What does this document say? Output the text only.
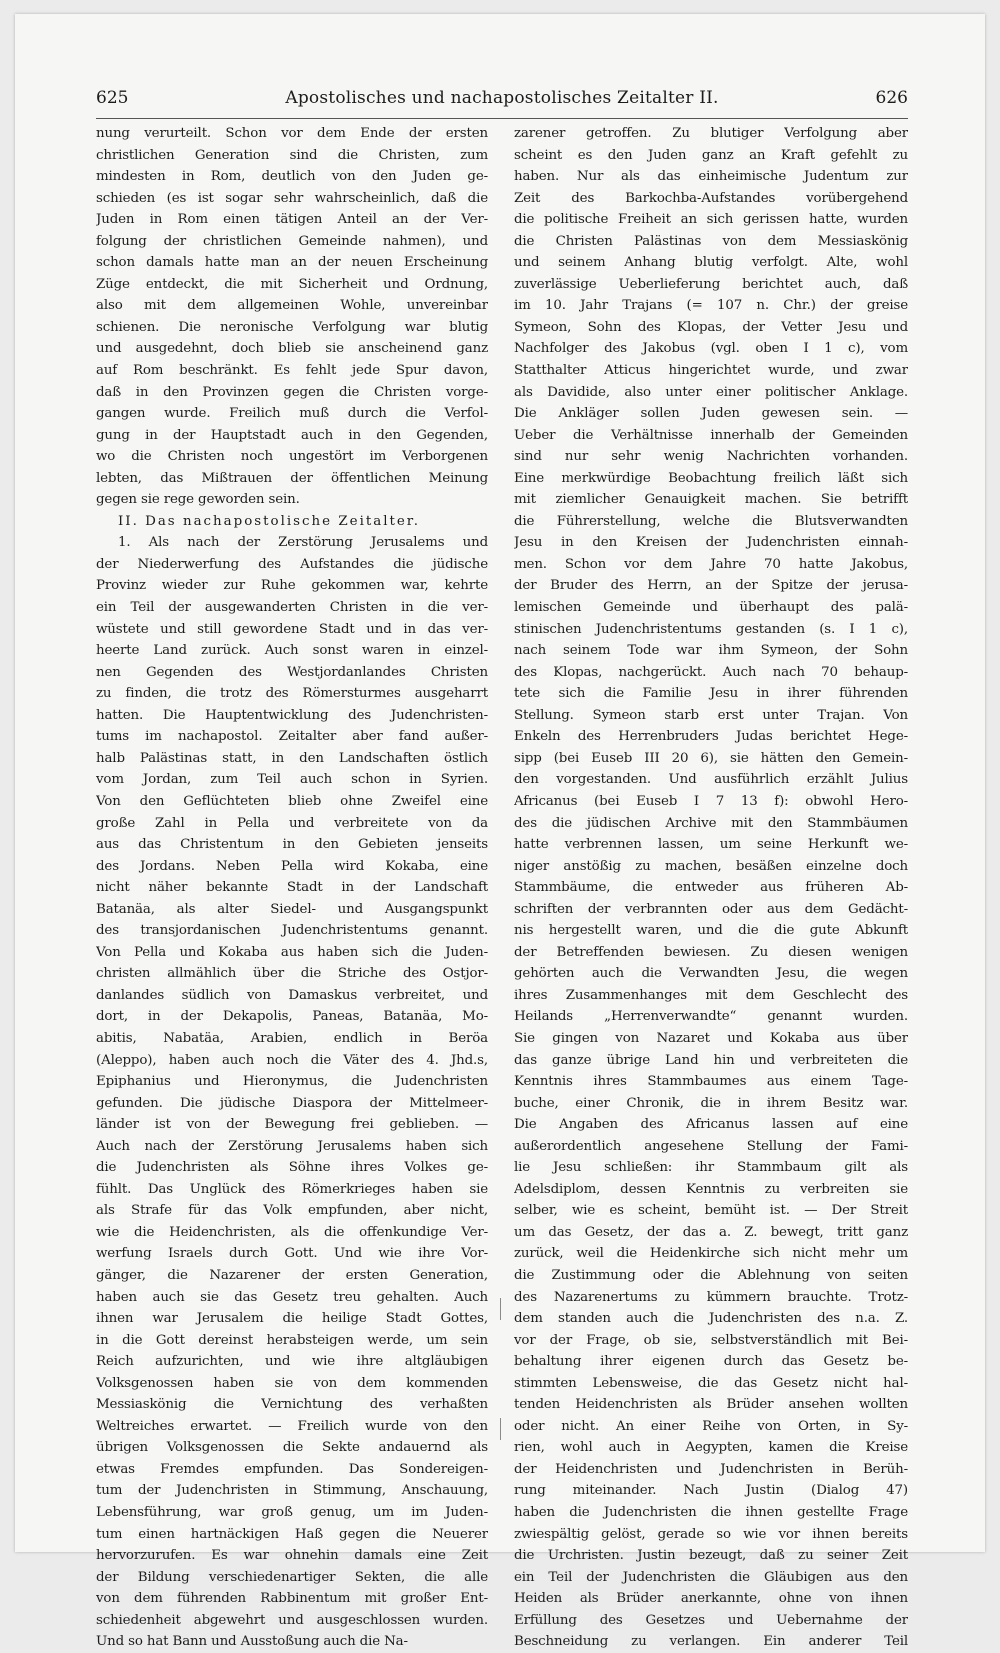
625	Apostolisches und nachapostolisches Zeitalter II.	626
nung verurteilt. Schon vor dem Ende der ersten
christlichen Generation sind die Christen, zum
mindesten in Rom, deutlich von den Juden ge-
schieden (es ist sogar sehr wahrscheinlich, daß die
Juden in Rom einen tätigen Anteil an der Ver-
folgung der christlichen Gemeinde nahmen), und
schon damals hatte man an der neuen Erscheinung
Züge entdeckt, die mit Sicherheit und Ordnung,
also mit dem allgemeinen Wohle, unvereinbar
schienen. Die neronische Verfolgung war blutig
und ausgedehnt, doch blieb sie anscheinend ganz
auf Rom beschränkt. Es fehlt jede Spur davon,
daß in den Provinzen gegen die Christen vorge-
gangen wurde. Freilich muß durch die Verfol-
gung in der Hauptstadt auch in den Gegenden,
wo die Christen noch ungestört im Verborgenen
lebten, das Mißtrauen der öffentlichen Meinung
gegen sie rege geworden sein.
II. Das nachapostolische Zeitalter.
1. Als nach der Zerstörung Jerusalems und
der Niederwerfung des Aufstandes die jüdische
Provinz wieder zur Ruhe gekommen war, kehrte
ein Teil der ausgewanderten Christen in die ver-
wüstete und still gewordene Stadt und in das ver-
heerte Land zurück. Auch sonst waren in einzel-
nen Gegenden des Westjordanlandes Christen
zu finden, die trotz des Römersturmes ausgeharrt
hatten. Die Hauptentwicklung des Judenchristen-
tums im nachapostol. Zeitalter aber fand außer-
halb Palästinas statt, in den Landschaften östlich
vom Jordan, zum Teil auch schon in Syrien.
Von den Geflüchteten blieb ohne Zweifel eine
große Zahl in Pella und verbreitete von da
aus das Christentum in den Gebieten jenseits
des Jordans. Neben Pella wird Kokaba, eine
nicht näher bekannte Stadt in der Landschaft
Batanäa, als alter Siedel- und Ausgangspunkt
des transjordanischen Judenchristentums genannt.
Von Pella und Kokaba aus haben sich die Juden-
christen allmählich über die Striche des Ostjor-
danlandes südlich von Damaskus verbreitet, und
dort, in der Dekapolis, Paneas, Batanäa, Mo-
abitis, Nabatäa, Arabien, endlich in Beröa
(Aleppo), haben auch noch die Väter des 4. Jhd.s,
Epiphanius und Hieronymus, die Judenchristen
gefunden. Die jüdische Diaspora der Mittelmeer-
länder ist von der Bewegung frei geblieben. —
Auch nach der Zerstörung Jerusalems haben sich
die Judenchristen als Söhne ihres Volkes ge-
fühlt. Das Unglück des Römerkrieges haben sie
als Strafe für das Volk empfunden, aber nicht,
wie die Heidenchristen, als die offenkundige Ver-
werfung Israels durch Gott. Und wie ihre Vor-
gänger, die Nazarener der ersten Generation,
haben auch sie das Gesetz treu gehalten. Auch
ihnen war Jerusalem die heilige Stadt Gottes,
in die Gott dereinst herabsteigen werde, um sein
Reich aufzurichten, und wie ihre altgläubigen
Volksgenossen haben sie von dem kommenden
Messiaskönig die Vernichtung des verhaßten
Weltreiches erwartet. — Freilich wurde von den
übrigen Volksgenossen die Sekte andauernd als
etwas Fremdes empfunden. Das Sondereigen-
tum der Judenchristen in Stimmung, Anschauung,
Lebensführung, war groß genug, um im Juden-
tum einen hartnäckigen Haß gegen die Neuerer
hervorzurufen. Es war ohnehin damals eine Zeit
der Bildung verschiedenartiger Sekten, die alle
von dem führenden Rabbinentum mit großer Ent-
schiedenheit abgewehrt und ausgeschlossen wurden.
Und so hat Bann und Ausstoßung auch die Na-
zarener getroffen. Zu blutiger Verfolgung aber
scheint es den Juden ganz an Kraft gefehlt zu
haben. Nur als das einheimische Judentum zur
Zeit des Barkochba-Aufstandes vorübergehend
die politische Freiheit an sich gerissen hatte, wurden
die Christen Palästinas von dem Messiaskönig
und seinem Anhang blutig verfolgt. Alte, wohl
zuverlässige Ueberlieferung berichtet auch, daß
im 10. Jahr Trajans (= 107 n. Chr.) der greise
Symeon, Sohn des Klopas, der Vetter Jesu und
Nachfolger des Jakobus (vgl. oben I 1 c), vom
Statthalter Atticus hingerichtet wurde, und zwar
als Davidide, also unter einer politischer Anklage.
Die Ankläger sollen Juden gewesen sein. —
Ueber die Verhältnisse innerhalb der Gemeinden
sind nur sehr wenig Nachrichten vorhanden.
Eine merkwürdige Beobachtung freilich läßt sich
mit ziemlicher Genauigkeit machen. Sie betrifft
die Führerstellung, welche die Blutsverwandten
Jesu in den Kreisen der Judenchristen einnah-
men. Schon vor dem Jahre 70 hatte Jakobus,
der Bruder des Herrn, an der Spitze der jerusa-
lemischen Gemeinde und überhaupt des palä-
stinischen Judenchristentums gestanden (s. I 1 c),
nach seinem Tode war ihm Symeon, der Sohn
des Klopas, nachgerückt. Auch nach 70 behaup-
tete sich die Familie Jesu in ihrer führenden
Stellung. Symeon starb erst unter Trajan. Von
Enkeln des Herrenbruders Judas berichtet Hege-
sipp (bei Euseb III 20 6), sie hätten den Gemein-
den vorgestanden. Und ausführlich erzählt Julius
Africanus (bei Euseb I 7 13 f): obwohl Hero-
des die jüdischen Archive mit den Stammbäumen
hatte verbrennen lassen, um seine Herkunft we-
niger anstößig zu machen, besäßen einzelne doch
Stammbäume, die entweder aus früheren Ab-
schriften der verbrannten oder aus dem Gedächt-
nis hergestellt waren, und die die gute Abkunft
der Betreffenden bewiesen. Zu diesen wenigen
gehörten auch die Verwandten Jesu, die wegen
ihres Zusammenhanges mit dem Geschlecht des
Heilands „Herrenverwandte“ genannt wurden.
Sie gingen von Nazaret und Kokaba aus über
das ganze übrige Land hin und verbreiteten die
Kenntnis ihres Stammbaumes aus einem Tage-
buche, einer Chronik, die in ihrem Besitz war.
Die Angaben des Africanus lassen auf eine
außerordentlich angesehene Stellung der Fami-
lie Jesu schließen: ihr Stammbaum gilt als
Adelsdiplom, dessen Kenntnis zu verbreiten sie
selber, wie es scheint, bemüht ist. — Der Streit
um das Gesetz, der das a. Z. bewegt, tritt ganz
zurück, weil die Heidenkirche sich nicht mehr um
die Zustimmung oder die Ablehnung von seiten
des Nazarenertums zu kümmern brauchte. Trotz-
dem standen auch die Judenchristen des n.a. Z.
vor der Frage, ob sie, selbstverständlich mit Bei-
behaltung ihrer eigenen durch das Gesetz be-
stimmten Lebensweise, die das Gesetz nicht hal-
tenden Heidenchristen als Brüder ansehen wollten
oder nicht. An einer Reihe von Orten, in Sy-
rien, wohl auch in Aegypten, kamen die Kreise
der Heidenchristen und Judenchristen in Berüh-
rung miteinander. Nach Justin (Dialog 47)
haben die Judenchristen die ihnen gestellte Frage
zwiespältig gelöst, gerade so wie vor ihnen bereits
die Urchristen. Justin bezeugt, daß zu seiner Zeit
ein Teil der Judenchristen die Gläubigen aus den
Heiden als Brüder anerkannte, ohne von ihnen
Erfüllung des Gesetzes und Uebernahme der
Beschneidung zu verlangen. Ein anderer Teil
